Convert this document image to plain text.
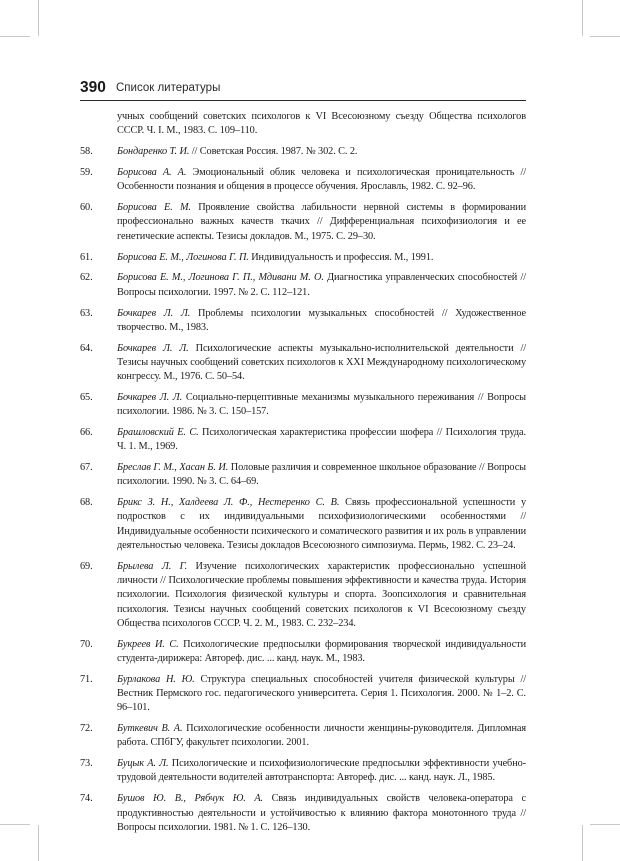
390 Список литературы
учных сообщений советских психологов к VI Всесоюзному съезду Общества психологов СССР. Ч. I. М., 1983. С. 109–110.
58. Бондаренко Т. И. // Советская Россия. 1987. № 302. С. 2.
59. Борисова А. А. Эмоциональный облик человека и психологическая проницательность // Особенности познания и общения в процессе обучения. Ярославль, 1982. С. 92–96.
60. Борисова Е. М. Проявление свойства лабильности нервной системы в формировании профессионально важных качеств ткачих // Дифференциальная психофизиология и ее генетические аспекты. Тезисы докладов. М., 1975. С. 29–30.
61. Борисова Е. М., Логинова Г. П. Индивидуальность и профессия. М., 1991.
62. Борисова Е. М., Логинова Г. П., Мдивани М. О. Диагностика управленческих способностей // Вопросы психологии. 1997. № 2. С. 112–121.
63. Бочкарев Л. Л. Проблемы психологии музыкальных способностей // Художественное творчество. М., 1983.
64. Бочкарев Л. Л. Психологические аспекты музыкально-исполнительской деятельности // Тезисы научных сообщений советских психологов к XXI Международному психологическому конгрессу. М., 1976. С. 50–54.
65. Бочкарев Л. Л. Социально-перцептивные механизмы музыкального переживания // Вопросы психологии. 1986. № 3. С. 150–157.
66. Брашловский Е. С. Психологическая характеристика профессии шофера // Психология труда. Ч. 1. М., 1969.
67. Бреслав Г. М., Хасан Б. И. Половые различия и современное школьное образование // Вопросы психологии. 1990. № 3. С. 64–69.
68. Брикс З. Н., Халдеева Л. Ф., Нестеренко С. В. Связь профессиональной успешности у подростков с их индивидуальными психофизиологическими особенностями // Индивидуальные особенности психического и соматического развития и их роль в управлении деятельностью человека. Тезисы докладов Всесоюзного симпозиума. Пермь, 1982. С. 23–24.
69. Брылева Л. Г. Изучение психологических характеристик профессионально успешной личности // Психологические проблемы повышения эффективности и качества труда. История психологии. Психология физической культуры и спорта. Зоопсихология и сравнительная психология. Тезисы научных сообщений советских психологов к VI Всесоюзному съезду Общества психологов СССР. Ч. 2. М., 1983. С. 232–234.
70. Букреев И. С. Психологические предпосылки формирования творческой индивидуальности студента-дирижера: Автореф. дис. ... канд. наук. М., 1983.
71. Бурлакова Н. Ю. Структура специальных способностей учителя физической культуры // Вестник Пермского гос. педагогического университета. Серия 1. Психология. 2000. № 1–2. С. 96–101.
72. Буткевич В. А. Психологические особенности личности женщины-руководителя. Дипломная работа. СПбГУ, факультет психологии. 2001.
73. Буцык А. Л. Психологические и психофизиологические предпосылки эффективности учебно-трудовой деятельности водителей автотранспорта: Автореф. дис. ... канд. наук. Л., 1985.
74. Бушов Ю. В., Рябчук Ю. А. Связь индивидуальных свойств человека-оператора с продуктивностью деятельности и устойчивостью к влиянию фактора монотонного труда // Вопросы психологии. 1981. № 1. С. 126–130.
